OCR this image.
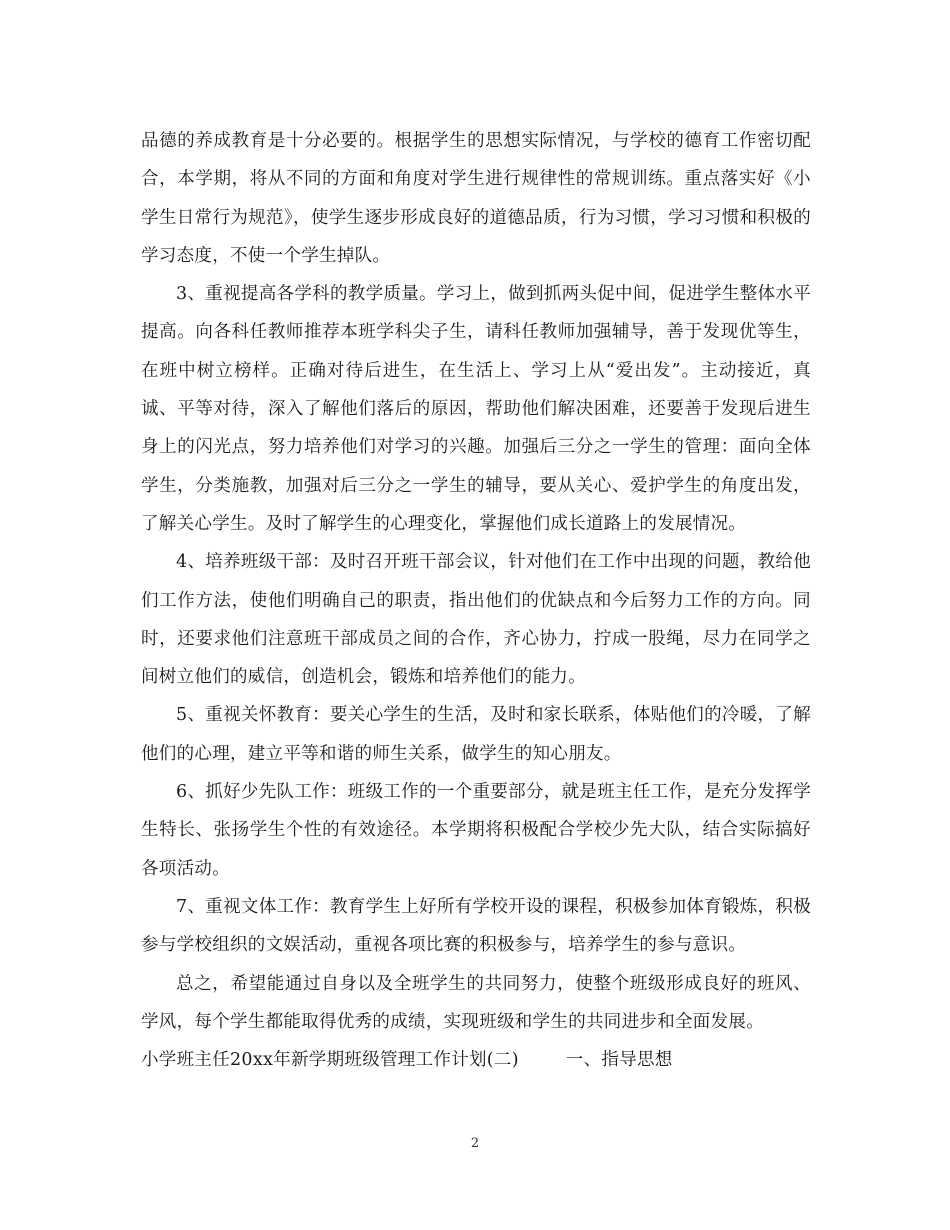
品德的养成教育是十分必要的。根据学生的思想实际情况，与学校的德育工作密切配合，本学期，将从不同的方面和角度对学生进行规律性的常规训练。重点落实好《小学生日常行为规范》，使学生逐步形成良好的道德品质，行为习惯，学习习惯和积极的学习态度，不使一个学生掉队。

3、重视提高各学科的教学质量。学习上，做到抓两头促中间，促进学生整体水平提高。向各科任教师推荐本班学科尖子生，请科任教师加强辅导，善于发现优等生，在班中树立榜样。正确对待后进生，在生活上、学习上从“爱出发”。主动接近，真诚、平等对待，深入了解他们落后的原因，帮助他们解决困难，还要善于发现后进生身上的闪光点，努力培养他们对学习的兴趣。加强后三分之一学生的管理：面向全体学生，分类施教，加强对后三分之一学生的辅导，要从关心、爱护学生的角度出发，了解关心学生。及时了解学生的心理变化，掌握他们成长道路上的发展情况。

4、培养班级干部：及时召开班干部会议，针对他们在工作中出现的问题，教给他们工作方法，使他们明确自己的职责，指出他们的优缺点和今后努力工作的方向。同时，还要求他们注意班干部成员之间的合作，齐心协力，拧成一股绳，尽力在同学之间树立他们的威信，创造机会，锻炼和培养他们的能力。

5、重视关怀教育：要关心学生的生活，及时和家长联系，体贴他们的冷暖，了解他们的心理，建立平等和谐的师生关系，做学生的知心朋友。

6、抓好少先队工作：班级工作的一个重要部分，就是班主任工作，是充分发挥学生特长、张扬学生个性的有效途径。本学期将积极配合学校少先大队，结合实际搞好各项活动。

7、重视文体工作：教育学生上好所有学校开设的课程，积极参加体育锻炼，积极参与学校组织的文娱活动，重视各项比赛的积极参与，培养学生的参与意识。

总之，希望能通过自身以及全班学生的共同努力，使整个班级形成良好的班风、学风，每个学生都能取得优秀的成绩，实现班级和学生的共同进步和全面发展。

小学班主任20xx年新学期班级管理工作计划(二)	一、指导思想

2
